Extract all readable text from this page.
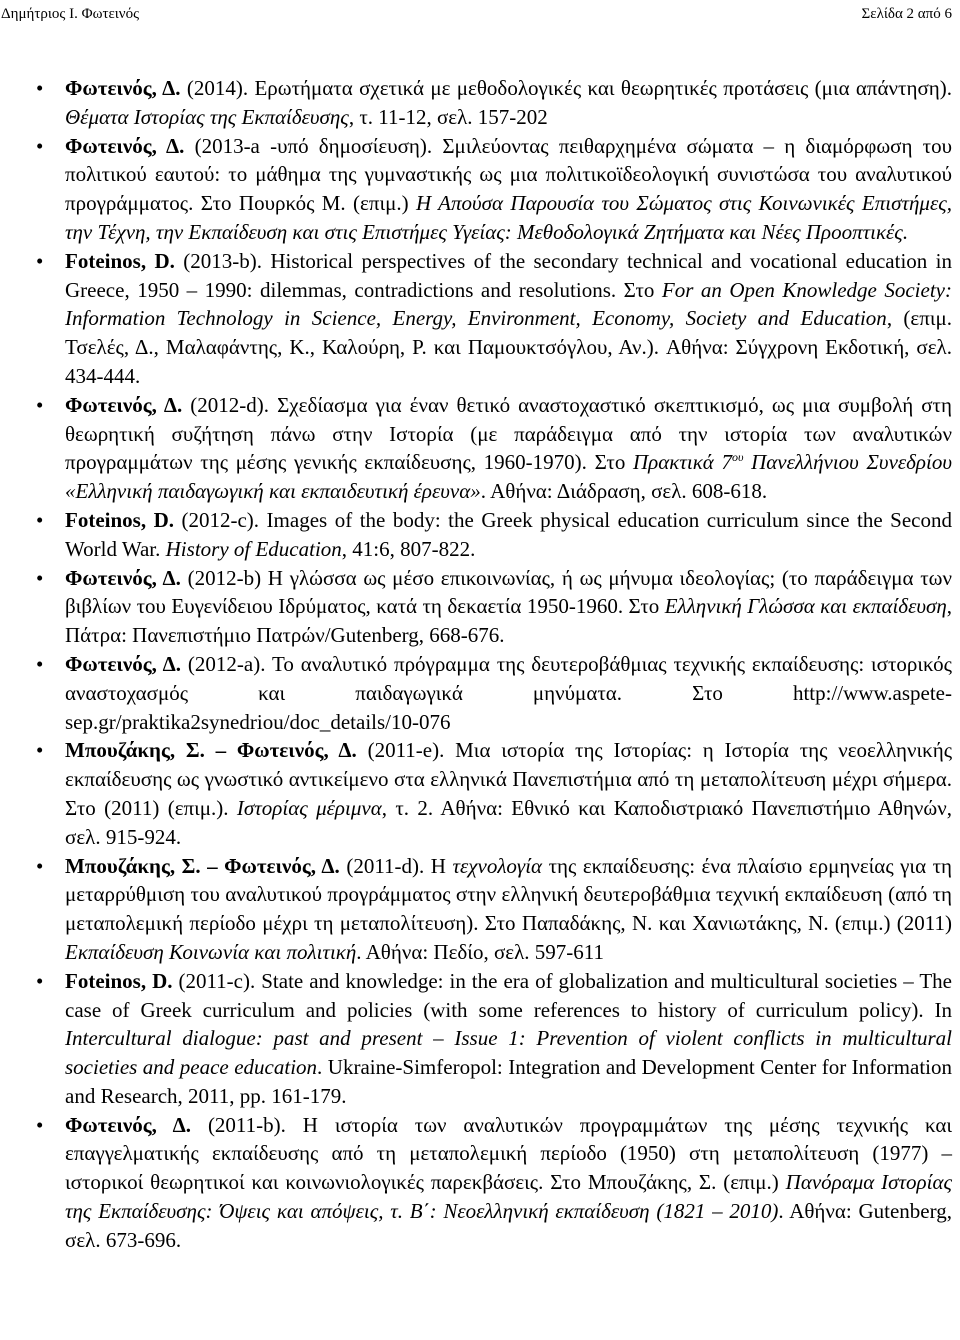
Δημήτριος Ι. Φωτεινός	Σελίδα 2 από 6
• Φωτεινός, Δ. (2014). Ερωτήματα σχετικά με μεθοδολογικές και θεωρητικές προτάσεις (μια απάντηση). Θέματα Ιστορίας της Εκπαίδευσης, τ. 11-12, σελ. 157-202
• Φωτεινός, Δ. (2013-a -υπό δημοσίευση). Σμιλεύοντας πειθαρχημένα σώματα – η διαμόρφωση του πολιτικού εαυτού: το μάθημα της γυμναστικής ως μια πολιτικοϊδεολογική συνιστώσα του αναλυτικού προγράμματος. Στο Πουρκός Μ. (επιμ.) Η Απούσα Παρουσία του Σώματος στις Κοινωνικές Επιστήμες, την Τέχνη, την Εκπαίδευση και στις Επιστήμες Υγείας: Μεθοδολογικά Ζητήματα και Νέες Προοπτικές.
• Foteinos, D. (2013-b). Historical perspectives of the secondary technical and vocational education in Greece, 1950 – 1990: dilemmas, contradictions and resolutions. Στο For an Open Knowledge Society: Information Technology in Science, Energy, Environment, Economy, Society and Education, (επιμ. Τσελές, Δ., Μαλαφάντης, Κ., Καλούρη, Ρ. και Παμουκτσόγλου, Αν.). Αθήνα: Σύγχρονη Εκδοτική, σελ. 434-444.
• Φωτεινός, Δ. (2012-d). Σχεδίασμα για έναν θετικό αναστοχαστικό σκεπτικισμό, ως μια συμβολή στη θεωρητική συζήτηση πάνω στην Ιστορία (με παράδειγμα από την ιστορία των αναλυτικών προγραμμάτων της μέσης γενικής εκπαίδευσης, 1960-1970). Στο Πρακτικά $7^{o\upsilon}$ Πανελλήνιου Συνεδρίου «Ελληνική παιδαγωγική και εκπαιδευτική έρευνα». Αθήνα: Διάδραση, σελ. 608-618.
• Foteinos, D. (2012-c). Images of the body: the Greek physical education curriculum since the Second World War. History of Education, 41:6, 807-822.
• Φωτεινός, Δ. (2012-b) Η γλώσσα ως μέσο επικοινωνίας, ή ως μήνυμα ιδεολογίας; (το παράδειγμα των βιβλίων του Ευγενίδειου Ιδρύματος, κατά τη δεκαετία 1950-1960. Στο Ελληνική Γλώσσα και εκπαίδευση, Πάτρα: Πανεπιστήμιο Πατρών/Gutenberg, 668-676.
• Φωτεινός, Δ. (2012-a). Το αναλυτικό πρόγραμμα της δευτεροβάθμιας τεχνικής εκπαίδευσης: ιστορικός αναστοχασμός και παιδαγωγικά μηνύματα. Στο http://www.aspete-sep.gr/praktika2synedriou/doc_details/10-076
• Μπουζάκης, Σ. – Φωτεινός, Δ. (2011-e). Μια ιστορία της Ιστορίας: η Ιστορία της νεοελληνικής εκπαίδευσης ως γνωστικό αντικείμενο στα ελληνικά Πανεπιστήμια από τη μεταπολίτευση μέχρι σήμερα. Στο (2011) (επιμ.). Ιστορίας μέριμνα, τ. 2. Αθήνα: Εθνικό και Καποδιστριακό Πανεπιστήμιο Αθηνών, σελ. 915-924.
• Μπουζάκης, Σ. – Φωτεινός, Δ. (2011-d). Η τεχνολογία της εκπαίδευσης: ένα πλαίσιο ερμηνείας για τη μεταρρύθμιση του αναλυτικού προγράμματος στην ελληνική δευτεροβάθμια τεχνική εκπαίδευση (από τη μεταπολεμική περίοδο μέχρι τη μεταπολίτευση). Στο Παπαδάκης, Ν. και Χανιωτάκης, Ν. (επιμ.) (2011) Εκπαίδευση Κοινωνία και πολιτική. Αθήνα: Πεδίο, σελ. 597-611
• Foteinos, D. (2011-c). State and knowledge: in the era of globalization and multicultural societies – The case of Greek curriculum and policies (with some references to history of curriculum policy). In Intercultural dialogue: past and present – Issue 1: Prevention of violent conflicts in multicultural societies and peace education. Ukraine-Simferopol: Integration and Development Center for Information and Research, 2011, pp. 161-179.
• Φωτεινός, Δ. (2011-b). Η ιστορία των αναλυτικών προγραμμάτων της μέσης τεχνικής και επαγγελματικής εκπαίδευσης από τη μεταπολεμική περίοδο (1950) στη μεταπολίτευση (1977) – ιστορικοί θεωρητικοί και κοινωνιολογικές παρεκβάσεις. Στο Μπουζάκης, Σ. (επιμ.) Πανόραμα Ιστορίας της Εκπαίδευσης: Όψεις και απόψεις, τ. Β΄: Νεοελληνική εκπαίδευση (1821 – 2010). Αθήνα: Gutenberg, σελ. 673-696.
